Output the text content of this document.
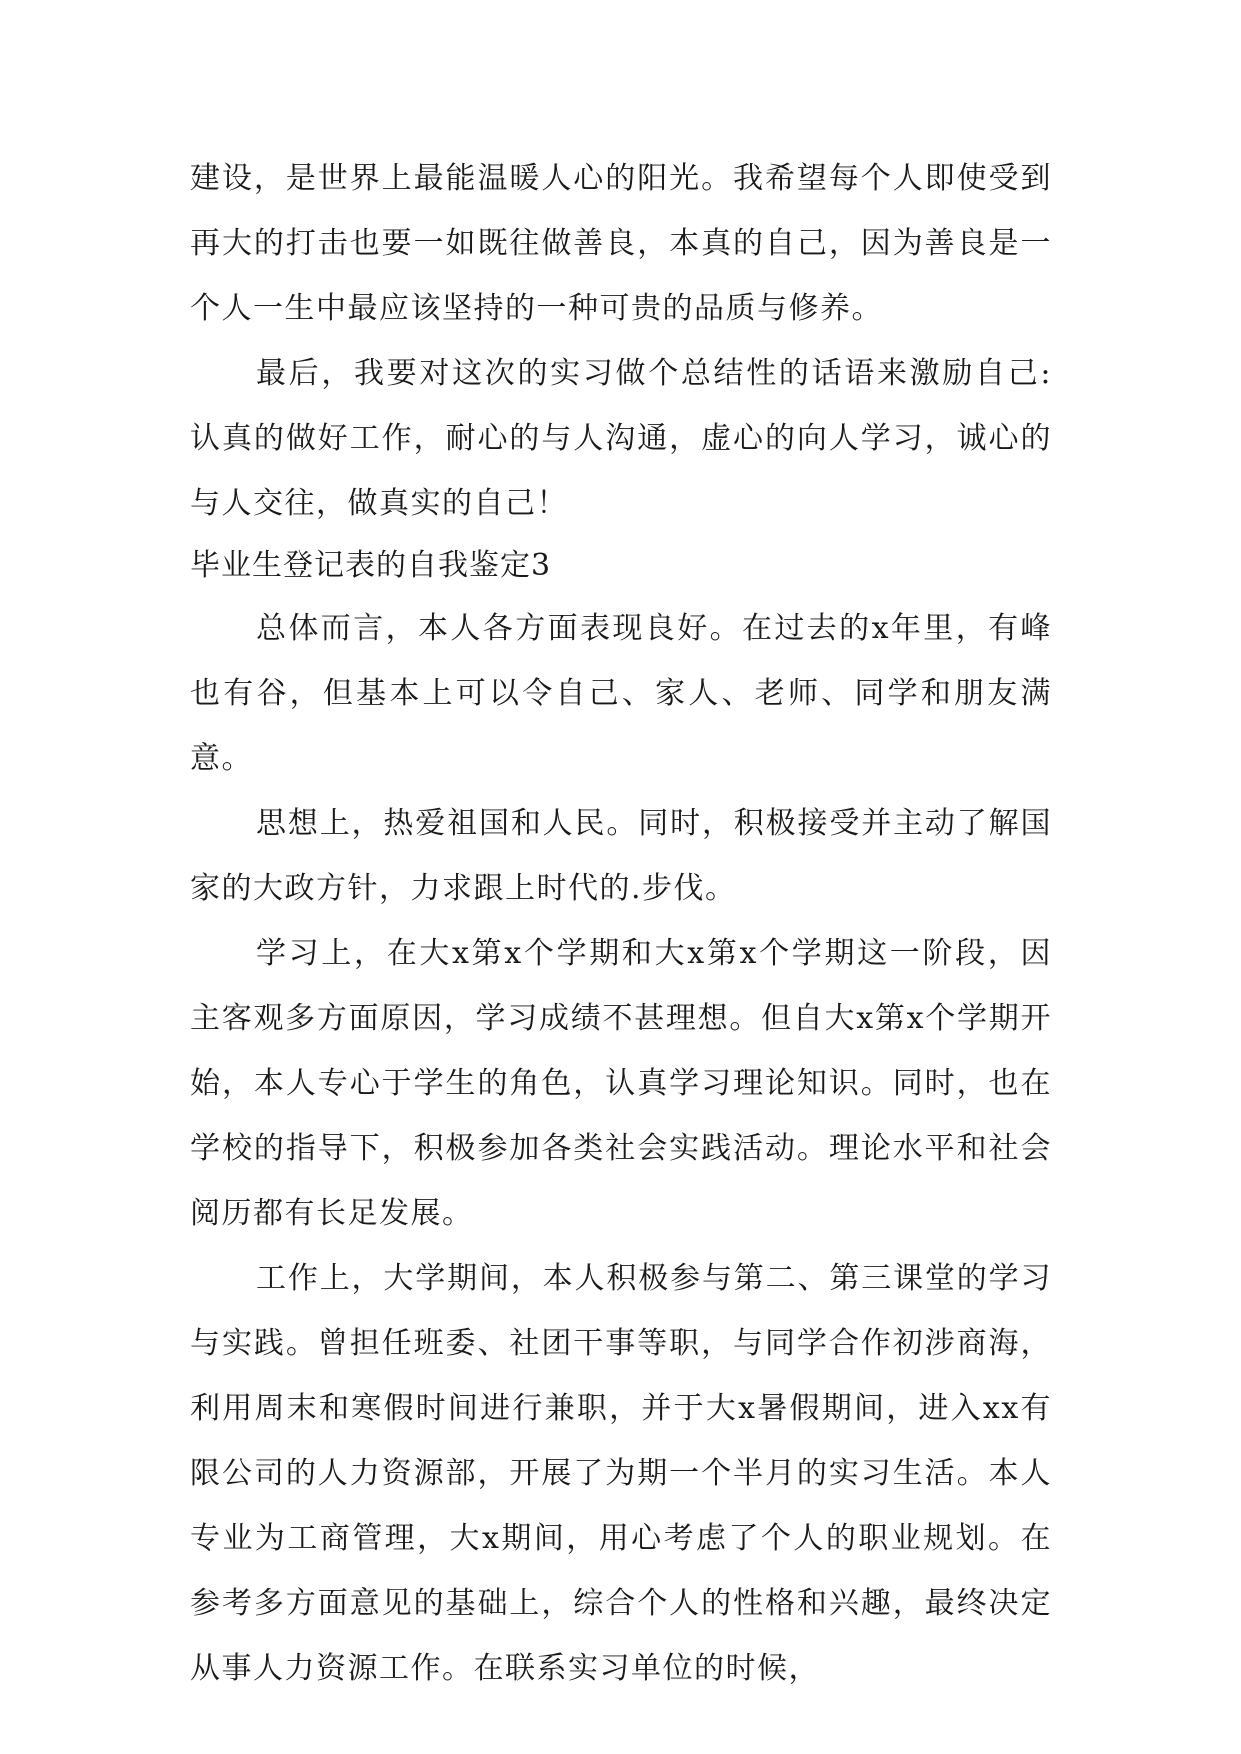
建设，是世界上最能温暖人心的阳光。我希望每个人即使受到再大的打击也要一如既往做善良，本真的自己，因为善良是一个人一生中最应该坚持的一种可贵的品质与修养。

最后，我要对这次的实习做个总结性的话语来激励自己:认真的做好工作，耐心的与人沟通，虚心的向人学习，诚心的与人交往，做真实的自己！

毕业生登记表的自我鉴定3

总体而言，本人各方面表现良好。在过去的x年里，有峰也有谷，但基本上可以令自己、家人、老师、同学和朋友满意。

思想上，热爱祖国和人民。同时，积极接受并主动了解国家的大政方针，力求跟上时代的.步伐。

学习上，在大x第x个学期和大x第x个学期这一阶段，因主客观多方面原因，学习成绩不甚理想。但自大x第x个学期开始，本人专心于学生的角色，认真学习理论知识。同时，也在学校的指导下，积极参加各类社会实践活动。理论水平和社会阅历都有长足发展。

工作上，大学期间，本人积极参与第二、第三课堂的学习与实践。曾担任班委、社团干事等职，与同学合作初涉商海，利用周末和寒假时间进行兼职，并于大x暑假期间，进入xx有限公司的人力资源部，开展了为期一个半月的实习生活。本人专业为工商管理，大x期间，用心考虑了个人的职业规划。在参考多方面意见的基础上，综合个人的性格和兴趣，最终决定从事人力资源工作。在联系实习单位的时候，
